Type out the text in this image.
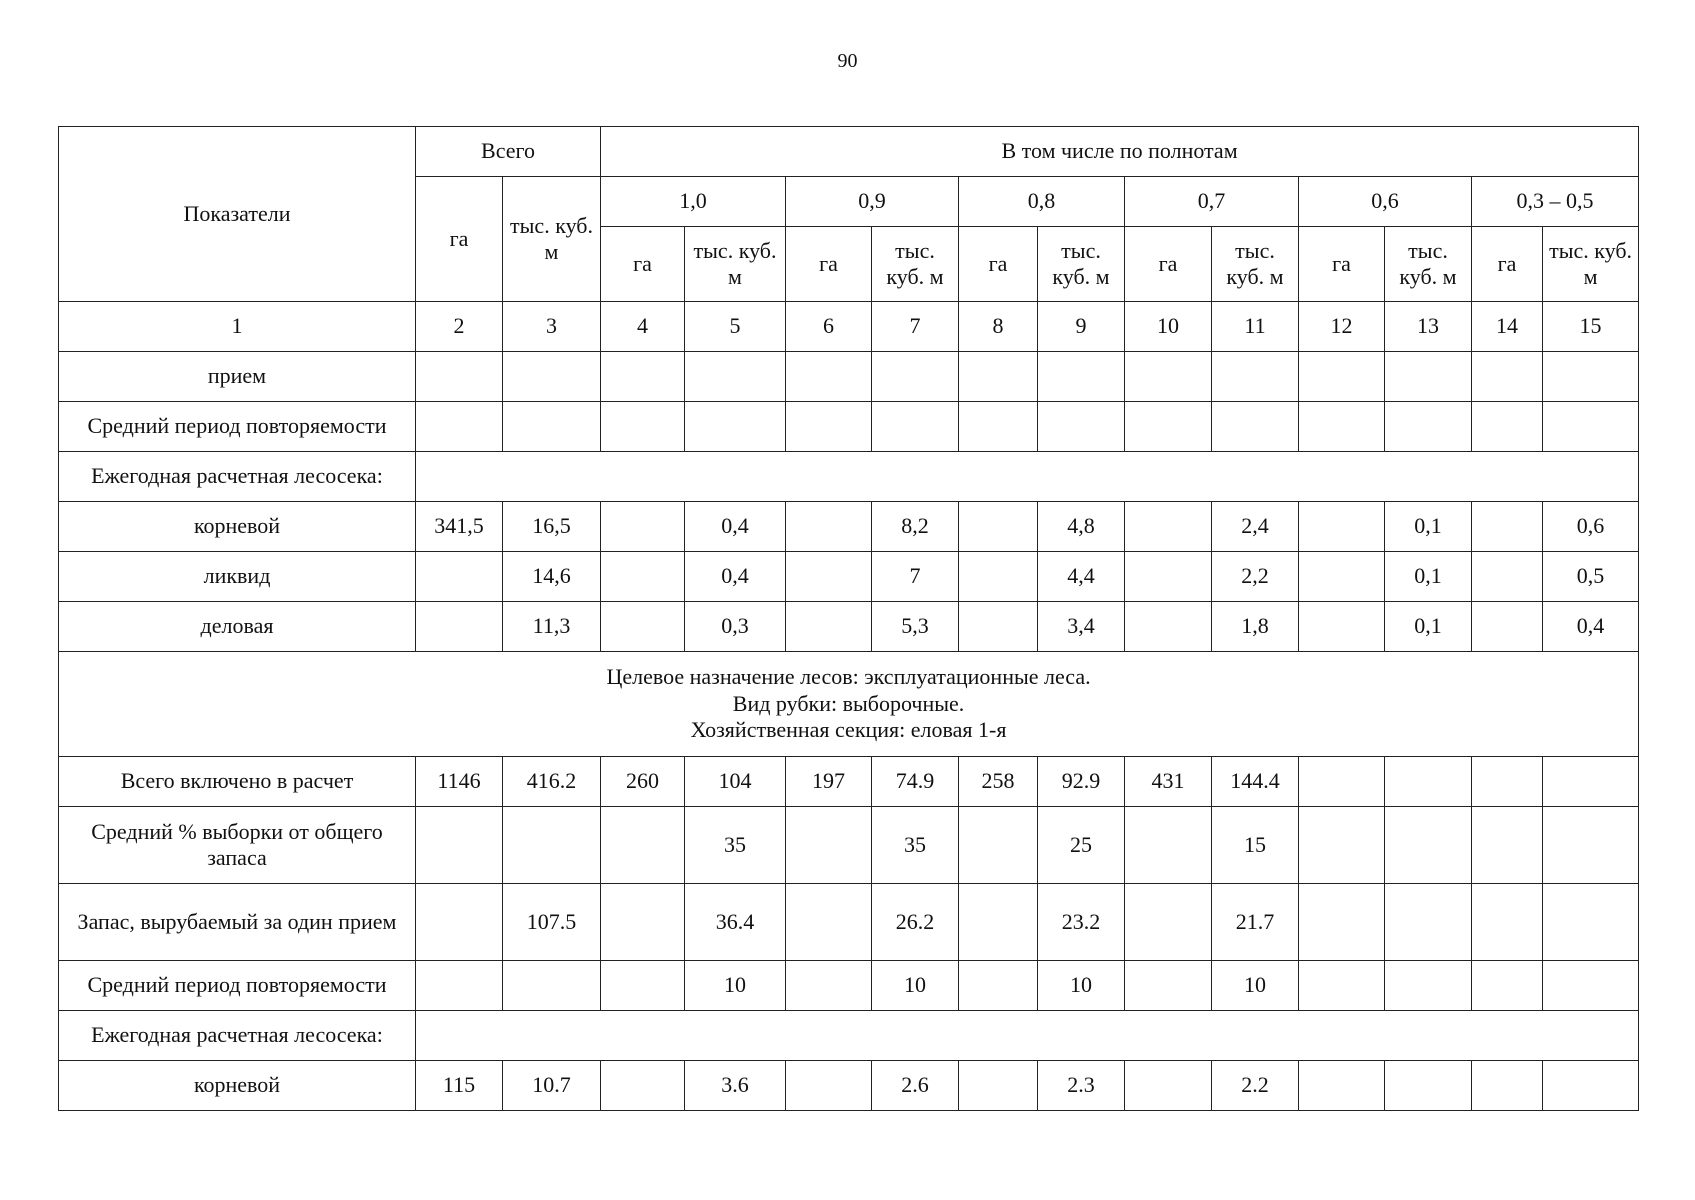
90
Показатели	Всего		В том числе по полнотам											
	га	тыс. куб. м	1,0		0,9		0,8		0,7		0,6		0,3 – 0,5	
			га	тыс. куб. м	га	тыс. куб. м	га	тыс. куб. м	га	тыс. куб. м	га	тыс. куб. м	га	тыс. куб. м
1	2	3	4	5	6	7	8	9	10	11	12	13	14	15
прием														
Средний период повторяемости														
Ежегодная расчетная лесосека:														
корневой	341,5	16,5		0,4		8,2		4,8		2,4		0,1		0,6
ликвид		14,6		0,4		7		4,4		2,2		0,1		0,5
деловая		11,3		0,3		5,3		3,4		1,8		0,1		0,4

Целевое назначение лесов: эксплуатационные леса.
Вид рубки: выборочные.
Хозяйственная секция: еловая 1-я														

Всего включено в расчет	1146	416.2	260	104	197	74.9	258	92.9	431	144.4				
Средний % выборки от общего запаса				35		35		25		15				
Запас, вырубаемый за один прием		107.5		36.4		26.2		23.2		21.7				
Средний период повторяемости				10		10		10		10				
Ежегодная расчетная лесосека:														
корневой	115	10.7		3.6		2.6		2.3		2.2				
